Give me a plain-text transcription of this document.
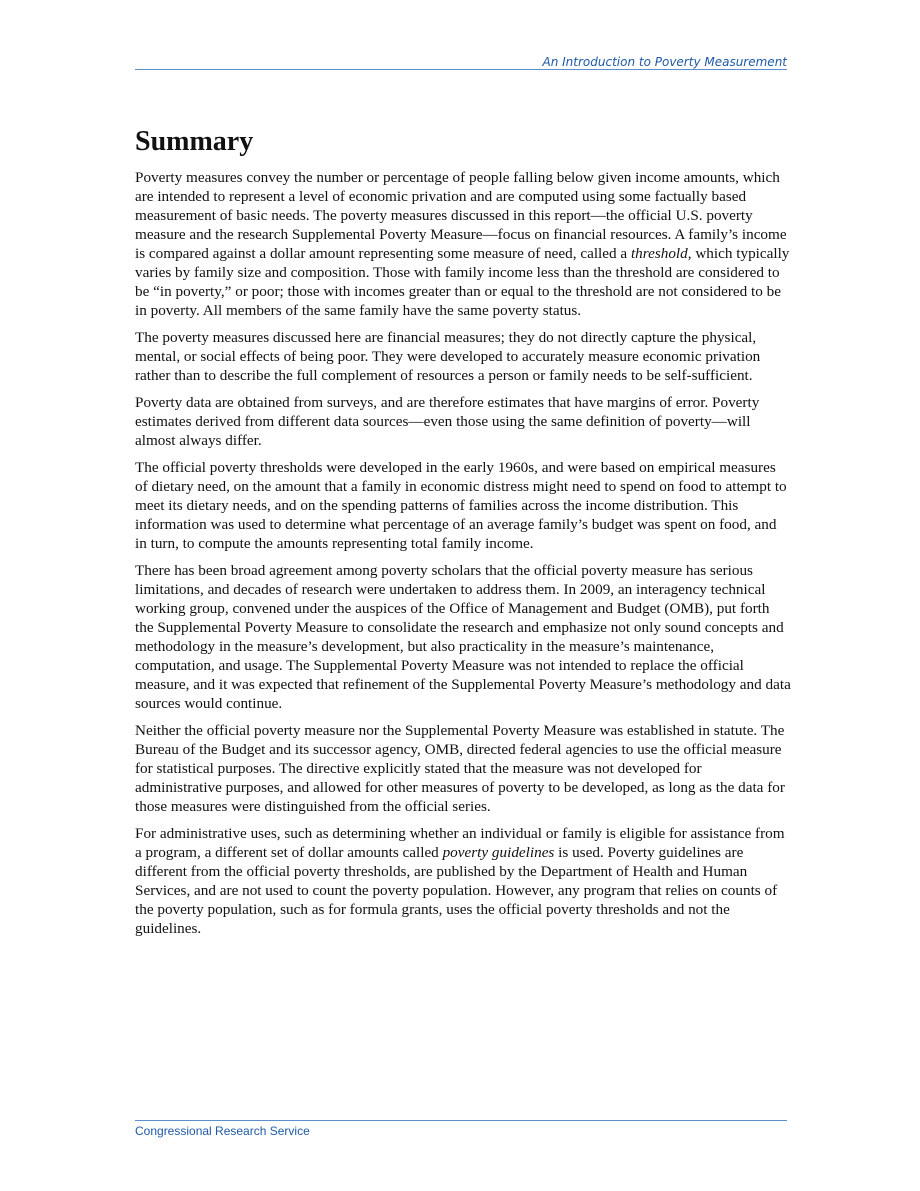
An Introduction to Poverty Measurement
Summary

Poverty measures convey the number or percentage of people falling below given income amounts, which are intended to represent a level of economic privation and are computed using some factually based measurement of basic needs. The poverty measures discussed in this report—the official U.S. poverty measure and the research Supplemental Poverty Measure—focus on financial resources. A family’s income is compared against a dollar amount representing some measure of need, called a threshold, which typically varies by family size and composition. Those with family income less than the threshold are considered to be “in poverty,” or poor; those with incomes greater than or equal to the threshold are not considered to be in poverty. All members of the same family have the same poverty status.

The poverty measures discussed here are financial measures; they do not directly capture the physical, mental, or social effects of being poor. They were developed to accurately measure economic privation rather than to describe the full complement of resources a person or family needs to be self-sufficient.

Poverty data are obtained from surveys, and are therefore estimates that have margins of error. Poverty estimates derived from different data sources—even those using the same definition of poverty—will almost always differ.

The official poverty thresholds were developed in the early 1960s, and were based on empirical measures of dietary need, on the amount that a family in economic distress might need to spend on food to attempt to meet its dietary needs, and on the spending patterns of families across the income distribution. This information was used to determine what percentage of an average family’s budget was spent on food, and in turn, to compute the amounts representing total family income.

There has been broad agreement among poverty scholars that the official poverty measure has serious limitations, and decades of research were undertaken to address them. In 2009, an interagency technical working group, convened under the auspices of the Office of Management and Budget (OMB), put forth the Supplemental Poverty Measure to consolidate the research and emphasize not only sound concepts and methodology in the measure’s development, but also practicality in the measure’s maintenance, computation, and usage. The Supplemental Poverty Measure was not intended to replace the official measure, and it was expected that refinement of the Supplemental Poverty Measure’s methodology and data sources would continue.

Neither the official poverty measure nor the Supplemental Poverty Measure was established in statute. The Bureau of the Budget and its successor agency, OMB, directed federal agencies to use the official measure for statistical purposes. The directive explicitly stated that the measure was not developed for administrative purposes, and allowed for other measures of poverty to be developed, as long as the data for those measures were distinguished from the official series.

For administrative uses, such as determining whether an individual or family is eligible for assistance from a program, a different set of dollar amounts called poverty guidelines is used. Poverty guidelines are different from the official poverty thresholds, are published by the Department of Health and Human Services, and are not used to count the poverty population. However, any program that relies on counts of the poverty population, such as for formula grants, uses the official poverty thresholds and not the guidelines.

Congressional Research Service
